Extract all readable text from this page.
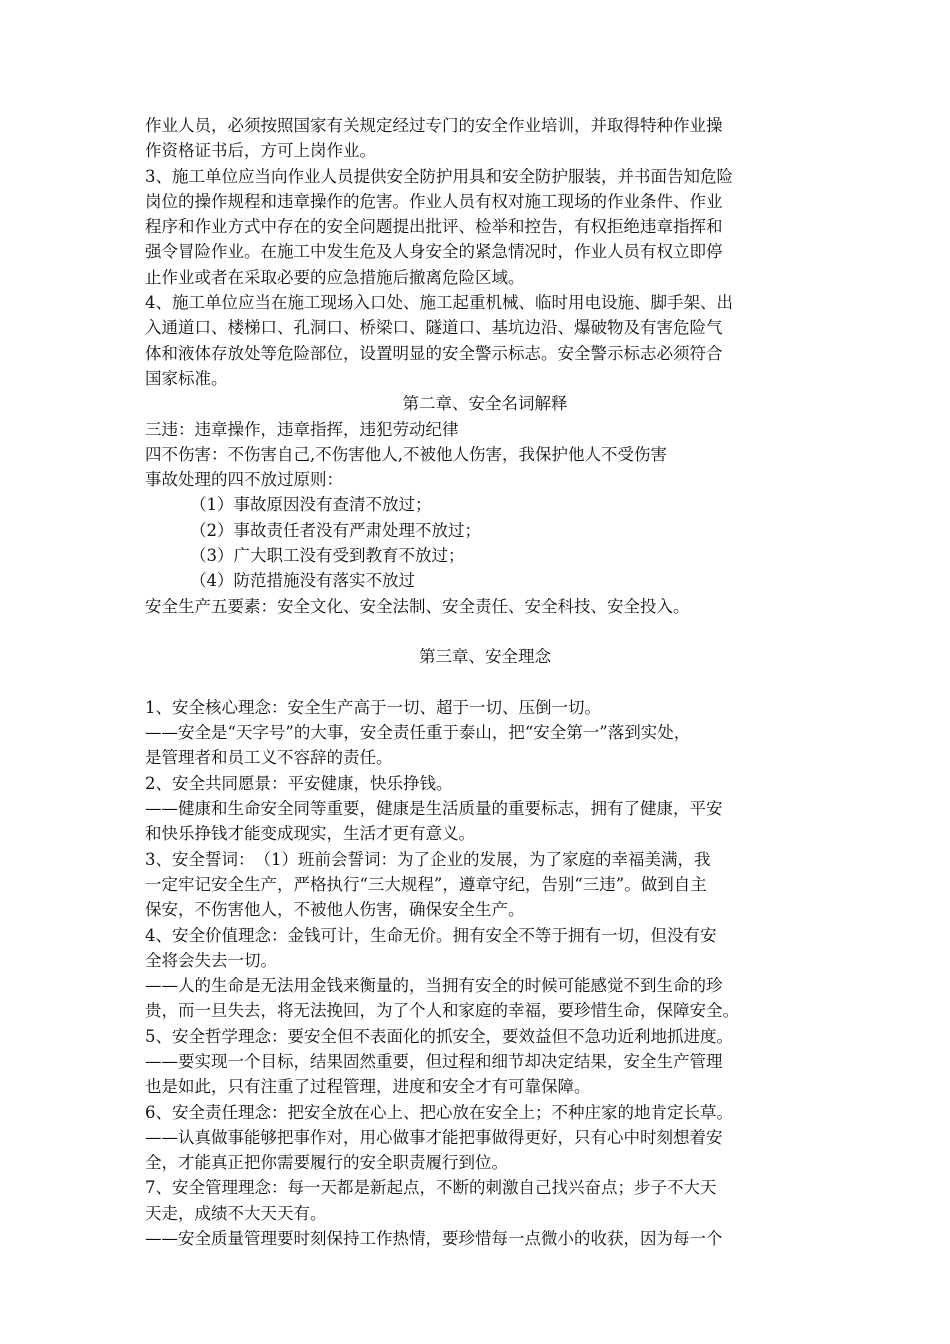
作业人员，必须按照国家有关规定经过专门的安全作业培训，并取得特种作业操
作资格证书后，方可上岗作业。
3、施工单位应当向作业人员提供安全防护用具和安全防护服装，并书面告知危险
岗位的操作规程和违章操作的危害。作业人员有权对施工现场的作业条件、作业
程序和作业方式中存在的安全问题提出批评、检举和控告，有权拒绝违章指挥和
强令冒险作业。在施工中发生危及人身安全的紧急情况时，作业人员有权立即停
止作业或者在采取必要的应急措施后撤离危险区域。
4、施工单位应当在施工现场入口处、施工起重机械、临时用电设施、脚手架、出
入通道口、楼梯口、孔洞口、桥梁口、隧道口、基坑边沿、爆破物及有害危险气
体和液体存放处等危险部位，设置明显的安全警示标志。安全警示标志必须符合
国家标准。
第二章、安全名词解释
三违：违章操作，违章指挥，违犯劳动纪律
四不伤害：不伤害自己,不伤害他人,不被他人伤害，我保护他人不受伤害
事故处理的四不放过原则：
（1）事故原因没有查清不放过；
（2）事故责任者没有严肃处理不放过；
（3）广大职工没有受到教育不放过；
（4）防范措施没有落实不放过
安全生产五要素：安全文化、安全法制、安全责任、安全科技、安全投入。
第三章、安全理念
1、安全核心理念：安全生产高于一切、超于一切、压倒一切。
——安全是“天字号”的大事，安全责任重于泰山，把“安全第一”落到实处，
是管理者和员工义不容辞的责任。
2、安全共同愿景：平安健康，快乐挣钱。
——健康和生命安全同等重要，健康是生活质量的重要标志，拥有了健康，平安
和快乐挣钱才能变成现实，生活才更有意义。
3、安全誓词：　（1）班前会誓词：为了企业的发展，为了家庭的幸福美满，我
一定牢记安全生产，严格执行“三大规程”，遵章守纪，告别“三违”。做到自主
保安，不伤害他人，不被他人伤害，确保安全生产。
4、安全价值理念：金钱可计，生命无价。拥有安全不等于拥有一切，但没有安
全将会失去一切。
——人的生命是无法用金钱来衡量的，当拥有安全的时候可能感觉不到生命的珍
贵，而一旦失去，将无法挽回，为了个人和家庭的幸福，要珍惜生命，保障安全。
5、安全哲学理念：要安全但不表面化的抓安全，要效益但不急功近利地抓进度。
——要实现一个目标，结果固然重要，但过程和细节却决定结果，安全生产管理
也是如此，只有注重了过程管理，进度和安全才有可靠保障。
6、安全责任理念：把安全放在心上、把心放在安全上；不种庄家的地肯定长草。
——认真做事能够把事作对，用心做事才能把事做得更好，只有心中时刻想着安
全，才能真正把你需要履行的安全职责履行到位。
7、安全管理理念：每一天都是新起点，不断的刺激自己找兴奋点；步子不大天
天走，成绩不大天天有。
——安全质量管理要时刻保持工作热情，要珍惜每一点微小的收获，因为每一个
